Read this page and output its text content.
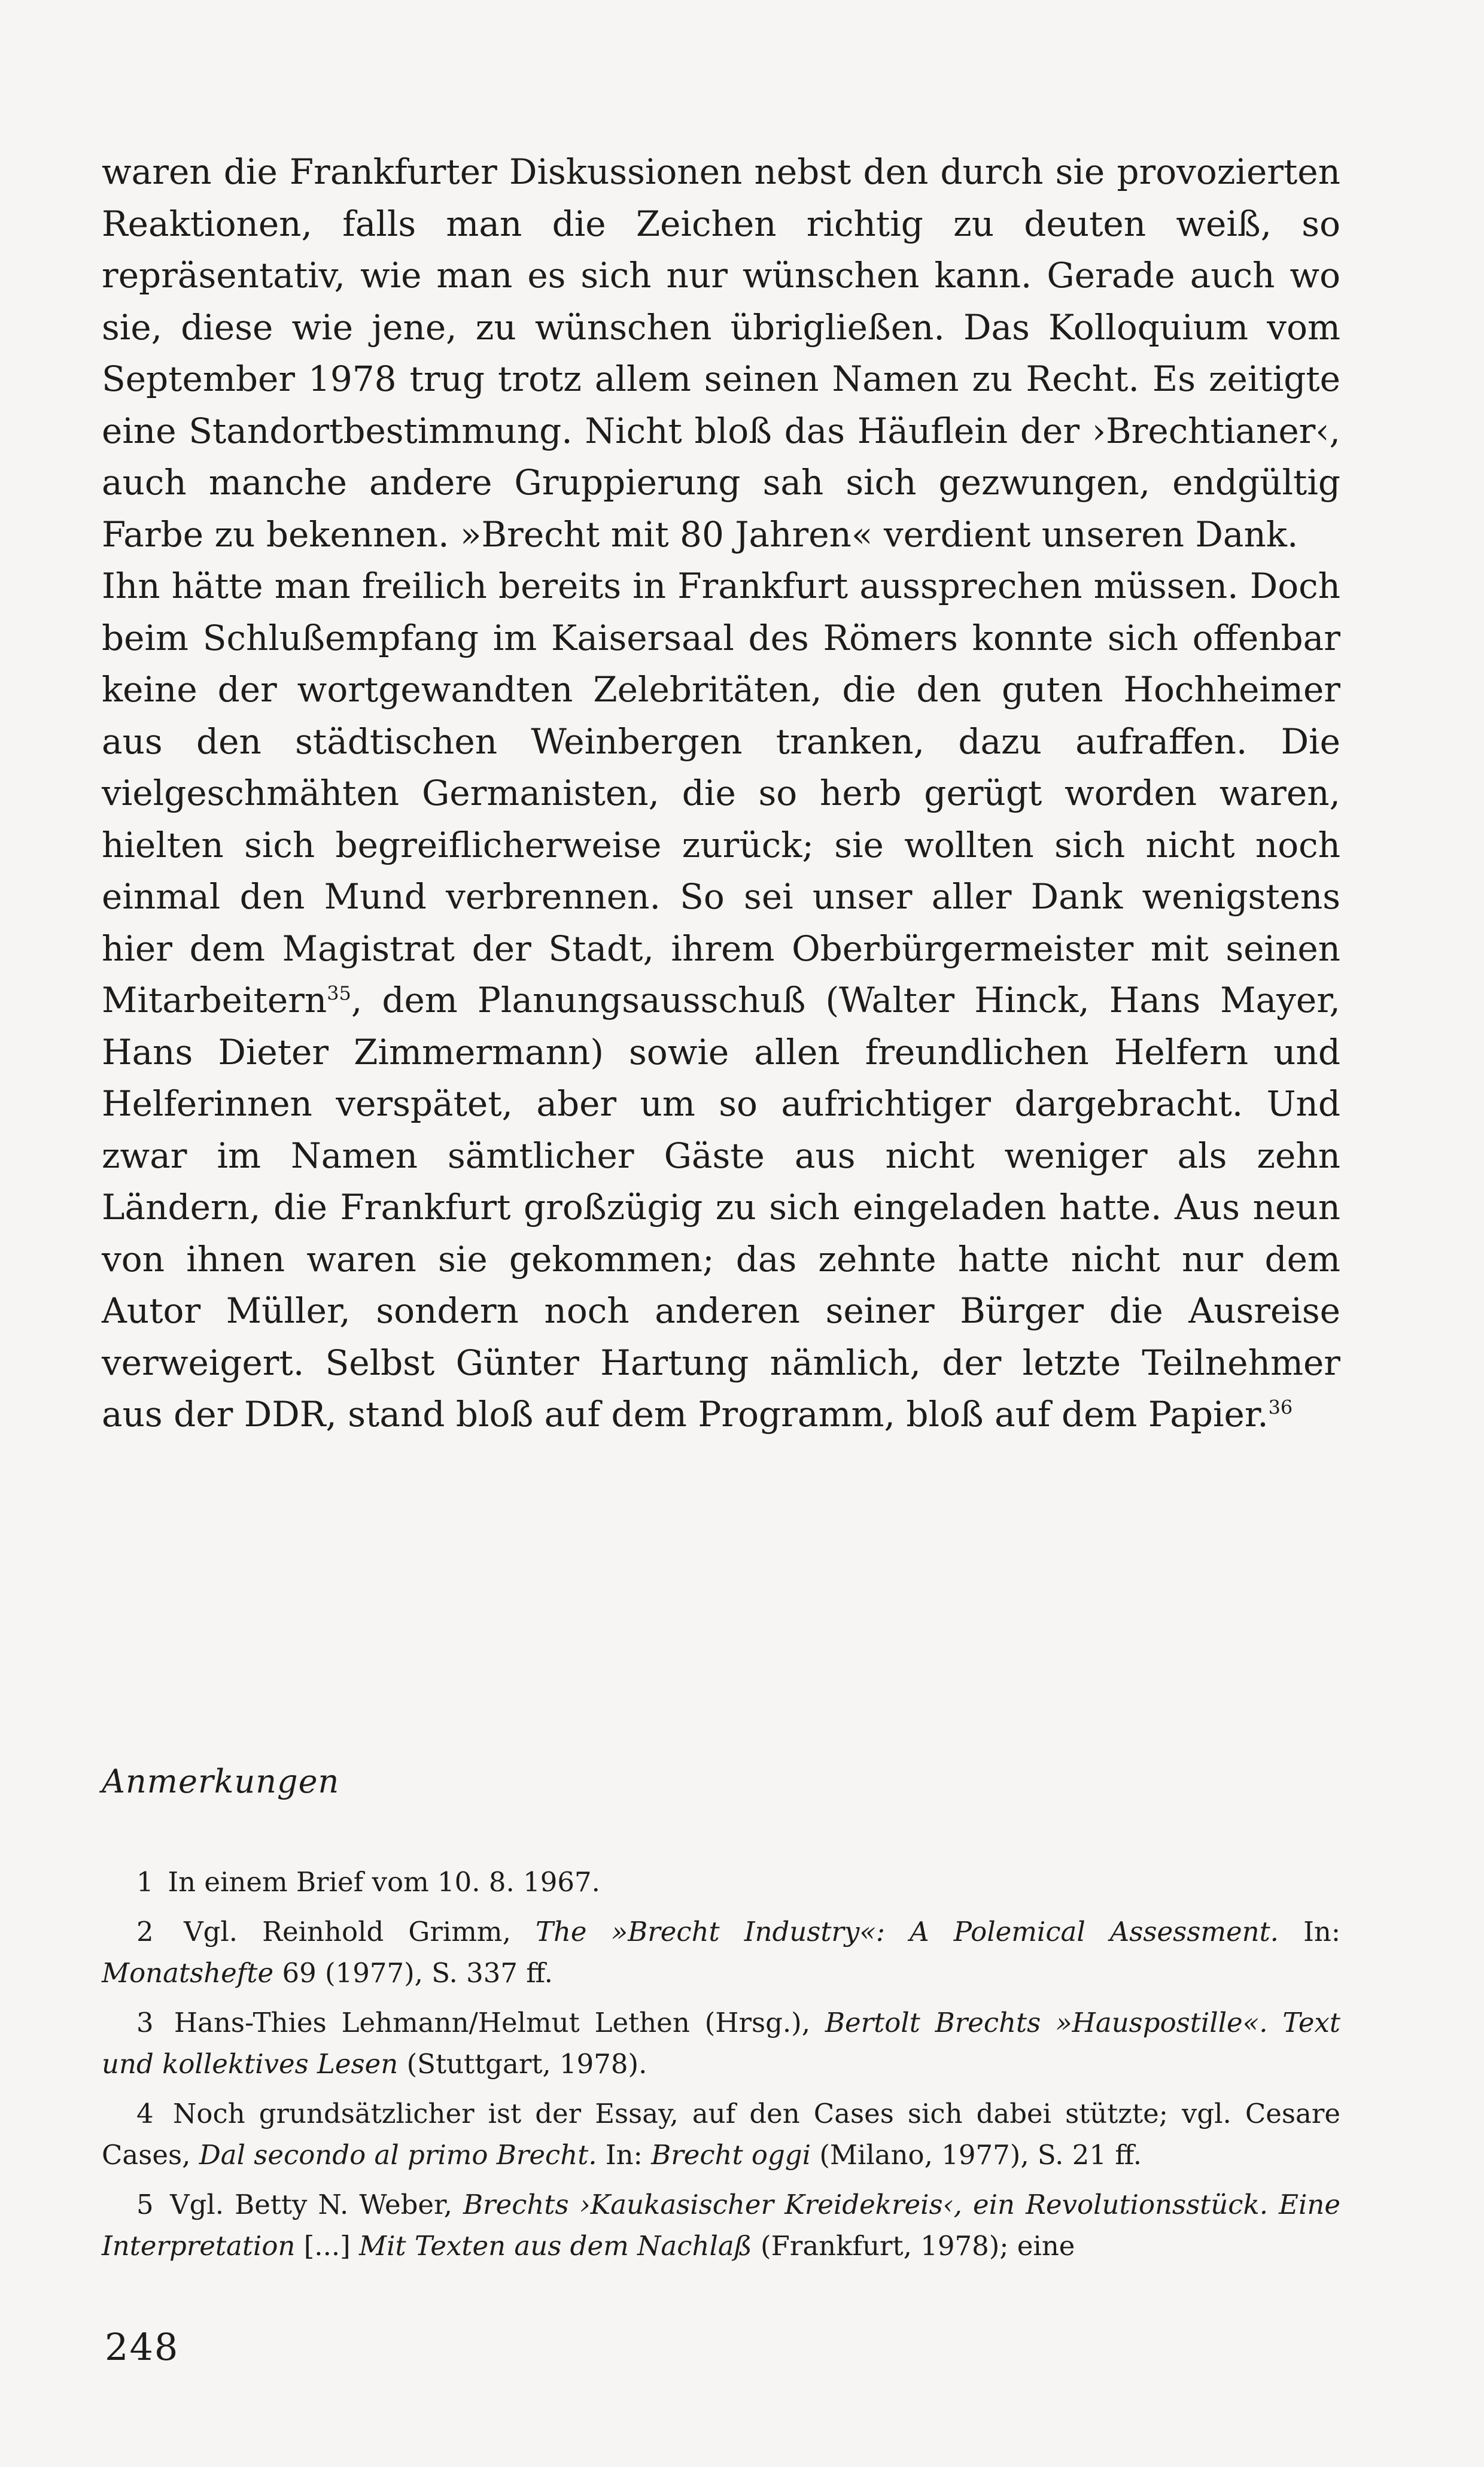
waren die Frankfurter Diskussionen nebst den durch sie provozierten Reaktionen, falls man die Zeichen richtig zu deuten weiß, so repräsentativ, wie man es sich nur wünschen kann. Gerade auch wo sie, diese wie jene, zu wünschen übrigließen. Das Kolloquium vom September 1978 trug trotz allem seinen Namen zu Recht. Es zeitigte eine Standortbestimmung. Nicht bloß das Häuflein der ›Brechtianer‹, auch manche andere Gruppierung sah sich gezwungen, endgültig Farbe zu bekennen. »Brecht mit 80 Jahren« verdient unseren Dank.

Ihn hätte man freilich bereits in Frankfurt aussprechen müssen. Doch beim Schlußempfang im Kaisersaal des Römers konnte sich offenbar keine der wortgewandten Zelebritäten, die den guten Hochheimer aus den städtischen Weinbergen tranken, dazu aufraffen. Die vielgeschmähten Germanisten, die so herb gerügt worden waren, hielten sich begreiflicherweise zurück; sie wollten sich nicht noch einmal den Mund verbrennen. So sei unser aller Dank wenigstens hier dem Magistrat der Stadt, ihrem Oberbürgermeister mit seinen Mitarbeitern$^{35}$, dem Planungsausschuß (Walter Hinck, Hans Mayer, Hans Dieter Zimmermann) sowie allen freundlichen Helfern und Helferinnen verspätet, aber um so aufrichtiger dargebracht. Und zwar im Namen sämtlicher Gäste aus nicht weniger als zehn Ländern, die Frankfurt großzügig zu sich eingeladen hatte. Aus neun von ihnen waren sie gekommen; das zehnte hatte nicht nur dem Autor Müller, sondern noch anderen seiner Bürger die Ausreise verweigert. Selbst Günter Hartung nämlich, der letzte Teilnehmer aus der DDR, stand bloß auf dem Programm, bloß auf dem Papier.$^{36}$

Anmerkungen

1 In einem Brief vom 10. 8. 1967.

2 Vgl. Reinhold Grimm, The »Brecht Industry«: A Polemical Assessment. In: Monatshefte 69 (1977), S. 337 ff.

3 Hans-Thies Lehmann/Helmut Lethen (Hrsg.), Bertolt Brechts »Hauspostille«. Text und kollektives Lesen (Stuttgart, 1978).

4 Noch grundsätzlicher ist der Essay, auf den Cases sich dabei stützte; vgl. Cesare Cases, Dal secondo al primo Brecht. In: Brecht oggi (Milano, 1977), S. 21 ff.

5 Vgl. Betty N. Weber, Brechts ›Kaukasischer Kreidekreis‹, ein Revolutionsstück. Eine Interpretation [...] Mit Texten aus dem Nachlaß (Frankfurt, 1978); eine

248
